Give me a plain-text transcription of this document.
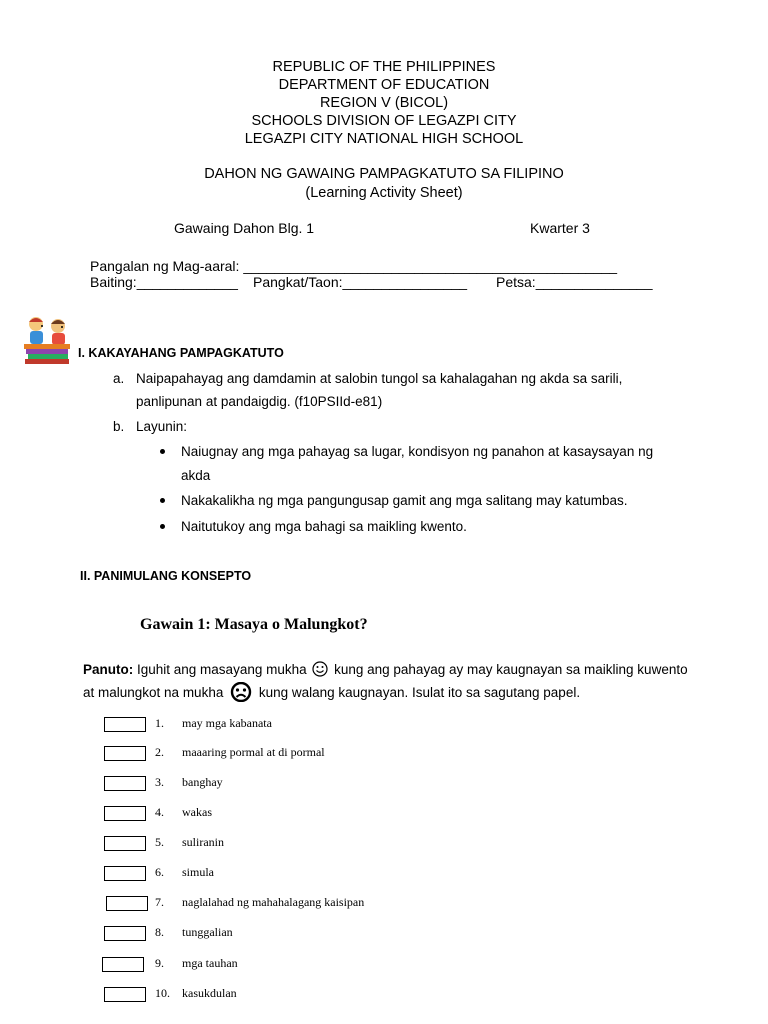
REPUBLIC OF THE PHILIPPINES
DEPARTMENT OF EDUCATION
REGION V (BICOL)
SCHOOLS DIVISION OF LEGAZPI CITY
LEGAZPI CITY NATIONAL HIGH SCHOOL
DAHON NG GAWAING PAMPAGKATUTO SA FILIPINO
(Learning Activity Sheet)
Gawaing Dahon Blg. 1	Kwarter 3
Pangalan ng Mag-aaral: ________________________________________________
Baiting:_____________ Pangkat/Taon:________________ Petsa:_______________
I. KAKAYAHANG PAMPAGKATUTO
a. Naipapahayag ang damdamin at salobin tungol sa kahalagahan ng akda sa sarili,
panlipunan at pandaigdig. (f10PSIId-e81)
b. Layunin:
Naiugnay ang mga pahayag sa lugar, kondisyon ng panahon at kasaysayan ng
akda
Nakakalikha ng mga pangungusap gamit ang mga salitang may katumbas.
Naitutukoy ang mga bahagi sa maikling kwento.
II. PANIMULANG KONSEPTO
Gawain 1: Masaya o Malungkot?
Panuto: Iguhit ang masayang mukha  kung ang pahayag ay may kaugnayan sa maikling kuwento
at malungkot na mukha  kung walang kaugnayan. Isulat ito sa sagutang papel.
1. may mga kabanata
2. maaaring pormal at di pormal
3. banghay
4. wakas
5. suliranin
6. simula
7. naglalahad ng mahahalagang kaisipan
8. tunggalian
9. mga tauhan
10. kasukdulan
